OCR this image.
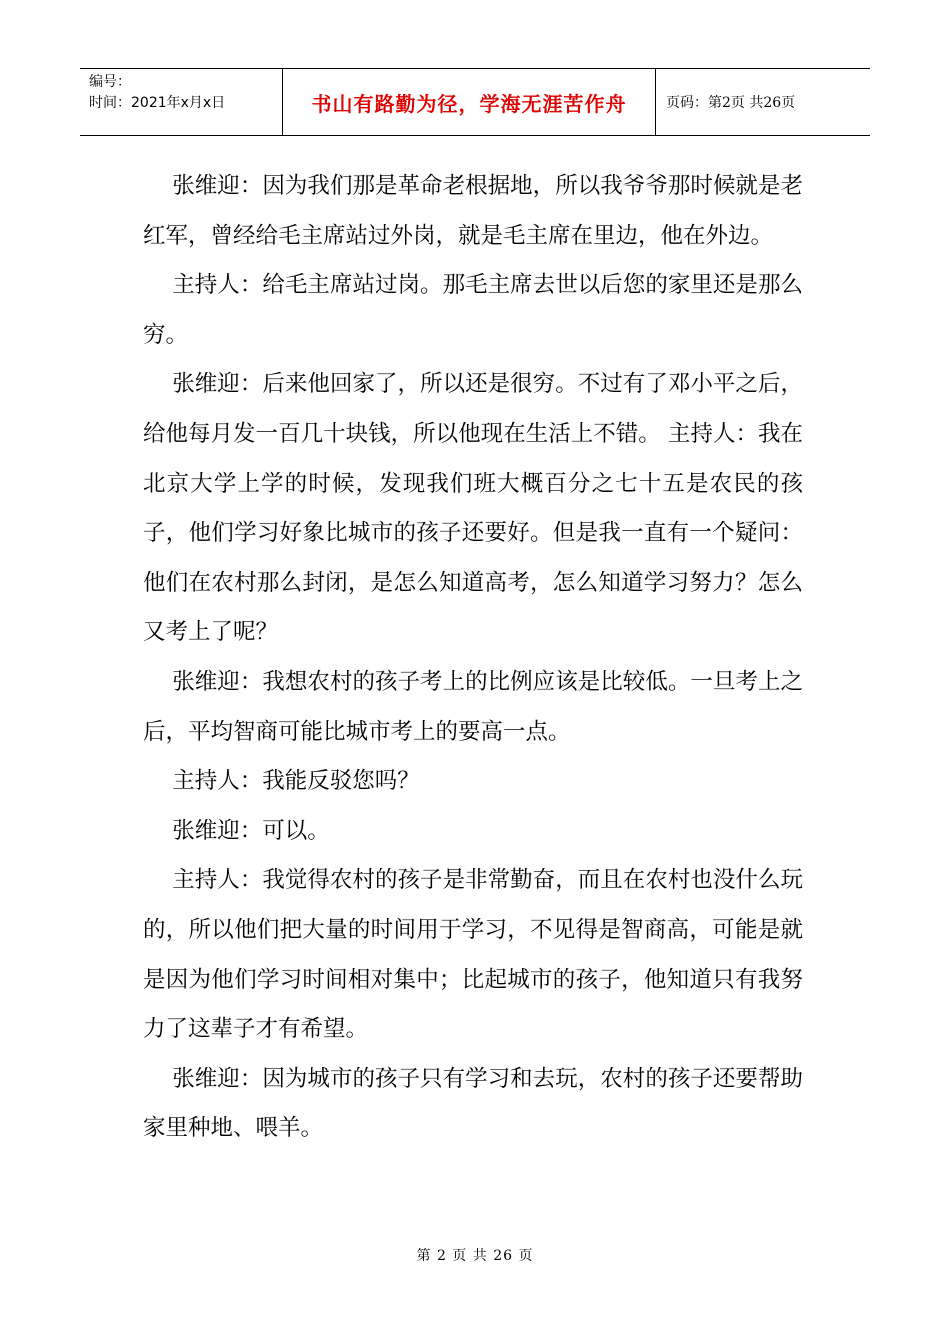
编号：
时间：2021年x月x日	书山有路勤为径，学海无涯苦作舟	页码：第2页 共26页

张维迎：因为我们那是革命老根据地，所以我爷爷那时候就是老红军，曾经给毛主席站过外岗，就是毛主席在里边，他在外边。

主持人：给毛主席站过岗。那毛主席去世以后您的家里还是那么穷。

张维迎：后来他回家了，所以还是很穷。不过有了邓小平之后，给他每月发一百几十块钱，所以他现在生活上不错。 主持人：我在北京大学上学的时候，发现我们班大概百分之七十五是农民的孩子，他们学习好象比城市的孩子还要好。但是我一直有一个疑问：他们在农村那么封闭，是怎么知道高考，怎么知道学习努力？怎么又考上了呢？

张维迎：我想农村的孩子考上的比例应该是比较低。一旦考上之后，平均智商可能比城市考上的要高一点。

主持人：我能反驳您吗？

张维迎：可以。

主持人：我觉得农村的孩子是非常勤奋，而且在农村也没什么玩的，所以他们把大量的时间用于学习，不见得是智商高，可能是就是因为他们学习时间相对集中；比起城市的孩子，他知道只有我努力了这辈子才有希望。

张维迎：因为城市的孩子只有学习和去玩，农村的孩子还要帮助家里种地、喂羊。

第 2 页 共 26 页
